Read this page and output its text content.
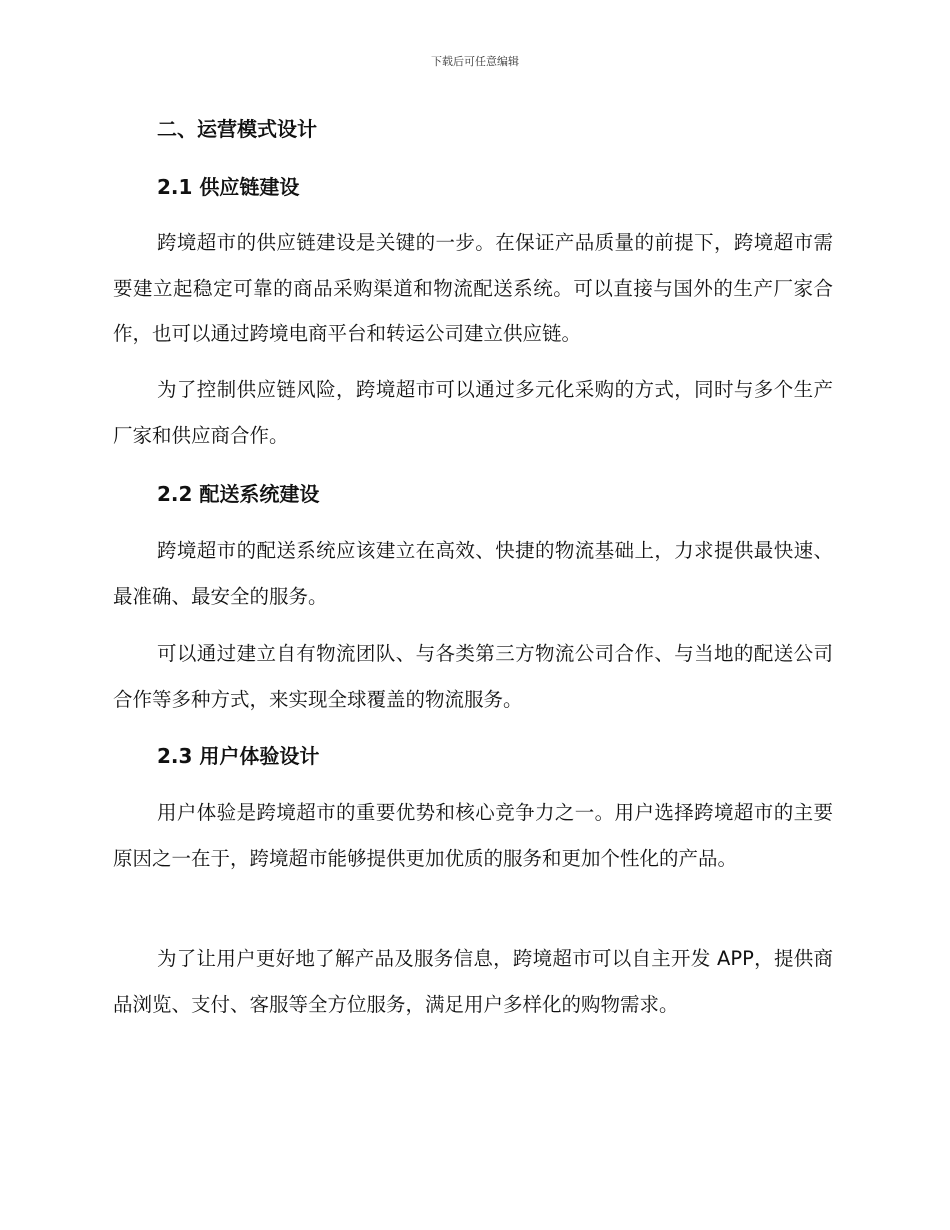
下载后可任意编辑
二、运营模式设计
2.1 供应链建设
跨境超市的供应链建设是关键的一步。在保证产品质量的前提下，跨境超市需要建立起稳定可靠的商品采购渠道和物流配送系统。可以直接与国外的生产厂家合作，也可以通过跨境电商平台和转运公司建立供应链。
为了控制供应链风险，跨境超市可以通过多元化采购的方式，同时与多个生产厂家和供应商合作。
2.2 配送系统建设
跨境超市的配送系统应该建立在高效、快捷的物流基础上，力求提供最快速、最准确、最安全的服务。
可以通过建立自有物流团队、与各类第三方物流公司合作、与当地的配送公司合作等多种方式，来实现全球覆盖的物流服务。
2.3 用户体验设计
用户体验是跨境超市的重要优势和核心竞争力之一。用户选择跨境超市的主要原因之一在于，跨境超市能够提供更加优质的服务和更加个性化的产品。
为了让用户更好地了解产品及服务信息，跨境超市可以自主开发 APP，提供商品浏览、支付、客服等全方位服务，满足用户多样化的购物需求。
